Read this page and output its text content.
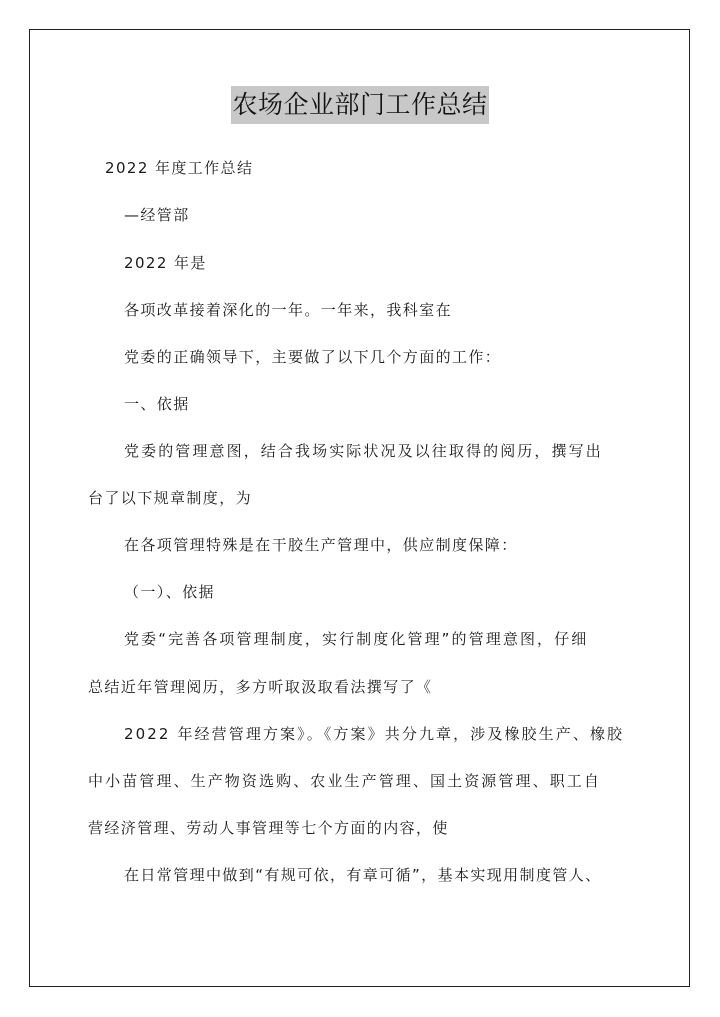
农场企业部门工作总结
2022 年度工作总结
—经管部
2022 年是
各项改革接着深化的一年。一年来，我科室在
党委的正确领导下，主要做了以下几个方面的工作：
一、依据
党委的管理意图，结合我场实际状况及以往取得的阅历，撰写出
台了以下规章制度，为
在各项管理特殊是在干胶生产管理中，供应制度保障：
（一）、依据
党委“完善各项管理制度，实行制度化管理”的管理意图，仔细
总结近年管理阅历，多方听取汲取看法撰写了《
2022 年经营管理方案》。《方案》共分九章，涉及橡胶生产、橡胶
中小苗管理、生产物资选购、农业生产管理、国土资源管理、职工自
营经济管理、劳动人事管理等七个方面的内容，使
在日常管理中做到“有规可依，有章可循”，基本实现用制度管人、
